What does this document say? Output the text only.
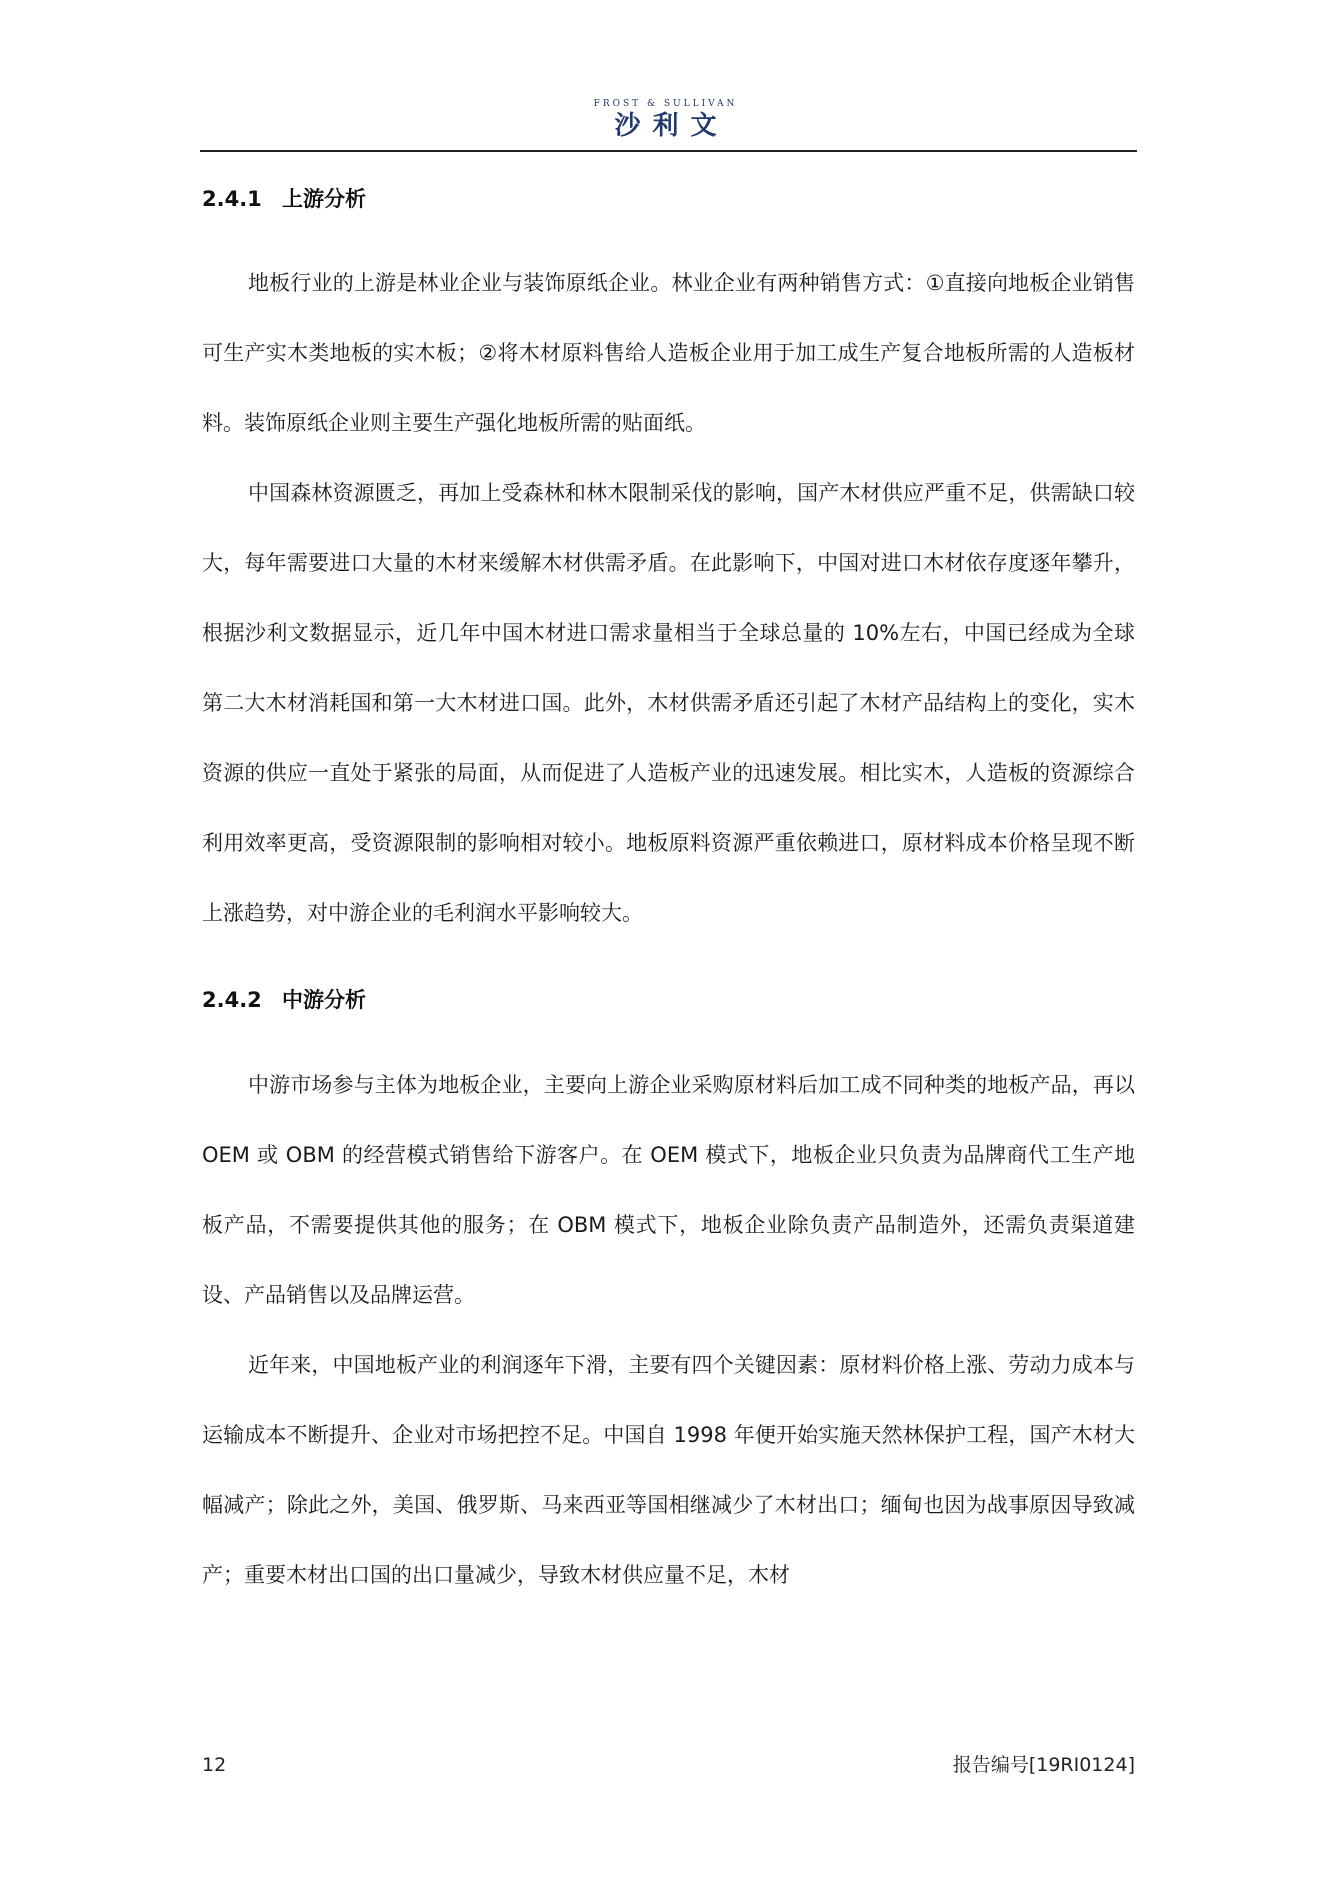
FROST & SULLIVAN
沙利文
2.4.1 上游分析

地板行业的上游是林业企业与装饰原纸企业。林业企业有两种销售方式：①直接向地板企业销售可生产实木类地板的实木板；②将木材原料售给人造板企业用于加工成生产复合地板所需的人造板材料。装饰原纸企业则主要生产强化地板所需的贴面纸。

中国森林资源匮乏，再加上受森林和林木限制采伐的影响，国产木材供应严重不足，供需缺口较大，每年需要进口大量的木材来缓解木材供需矛盾。在此影响下，中国对进口木材依存度逐年攀升，根据沙利文数据显示，近几年中国木材进口需求量相当于全球总量的 10%左右，中国已经成为全球第二大木材消耗国和第一大木材进口国。此外，木材供需矛盾还引起了木材产品结构上的变化，实木资源的供应一直处于紧张的局面，从而促进了人造板产业的迅速发展。相比实木，人造板的资源综合利用效率更高，受资源限制的影响相对较小。地板原料资源严重依赖进口，原材料成本价格呈现不断上涨趋势，对中游企业的毛利润水平影响较大。

2.4.2 中游分析

中游市场参与主体为地板企业，主要向上游企业采购原材料后加工成不同种类的地板产品，再以 OEM 或 OBM 的经营模式销售给下游客户。在 OEM 模式下，地板企业只负责为品牌商代工生产地板产品，不需要提供其他的服务；在 OBM 模式下，地板企业除负责产品制造外，还需负责渠道建设、产品销售以及品牌运营。

近年来，中国地板产业的利润逐年下滑，主要有四个关键因素：原材料价格上涨、劳动力成本与运输成本不断提升、企业对市场把控不足。中国自 1998 年便开始实施天然林保护工程，国产木材大幅减产；除此之外，美国、俄罗斯、马来西亚等国相继减少了木材出口；缅甸也因为战事原因导致减产；重要木材出口国的出口量减少，导致木材供应量不足，木材

12	报告编号[19RI0124]
